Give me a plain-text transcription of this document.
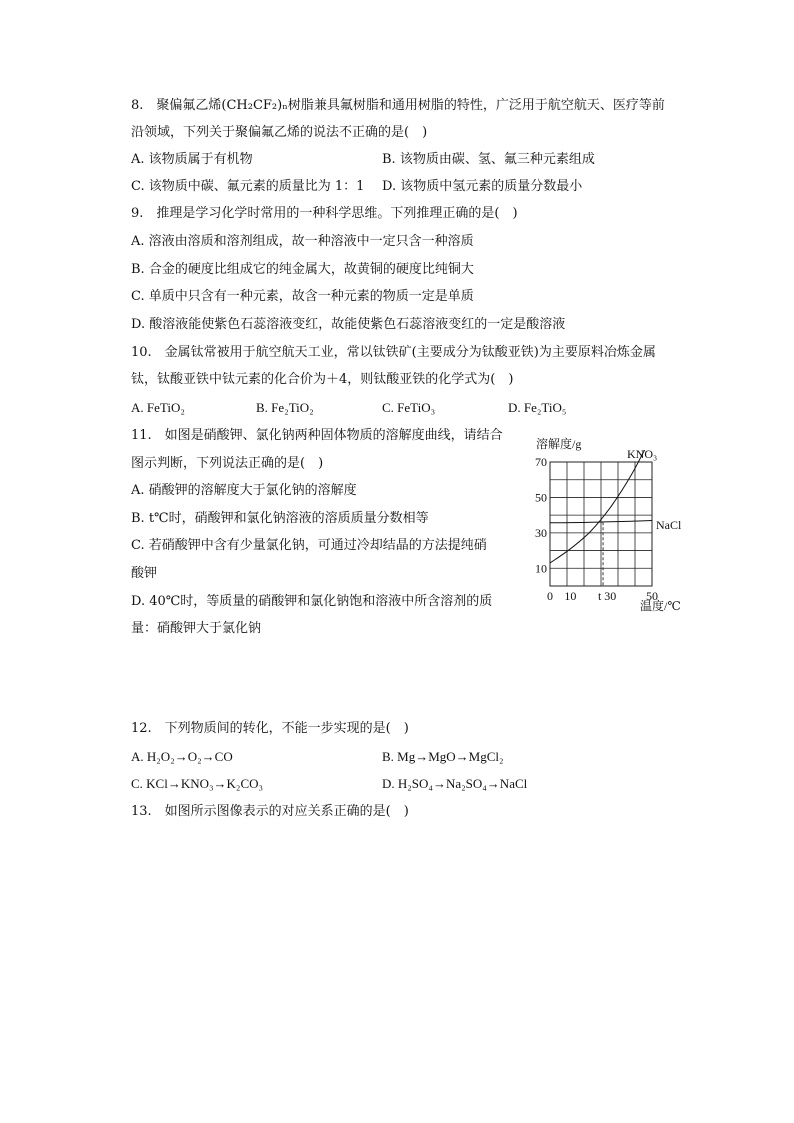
8.　聚偏氟乙烯(CH₂CF₂)ₙ树脂兼具氟树脂和通用树脂的特性，广泛用于航空航天、医疗等前
沿领域，下列关于聚偏氟乙烯的说法不正确的是(　)
A. 该物质属于有机物	B. 该物质由碳、氢、氟三种元素组成
C. 该物质中碳、氟元素的质量比为 1：1 D. 该物质中氢元素的质量分数最小
9.　推理是学习化学时常用的一种科学思维。下列推理正确的是(　)
A. 溶液由溶质和溶剂组成，故一种溶液中一定只含一种溶质
B. 合金的硬度比组成它的纯金属大，故黄铜的硬度比纯铜大
C. 单质中只含有一种元素，故含一种元素的物质一定是单质
D. 酸溶液能使紫色石蕊溶液变红，故能使紫色石蕊溶液变红的一定是酸溶液
10.　金属钛常被用于航空航天工业，常以钛铁矿(主要成分为钛酸亚铁)为主要原料冶炼金属
钛，钛酸亚铁中钛元素的化合价为＋4，则钛酸亚铁的化学式为(　)
A. FeTiO₂	B. Fe₂TiO₂	C. FeTiO₃	D. Fe₂TiO₅
11.　如图是硝酸钾、氯化钠两种固体物质的溶解度曲线，请结合
图示判断，下列说法正确的是(　)
A. 硝酸钾的溶解度大于氯化钠的溶解度
B. t℃时，硝酸钾和氯化钠溶液的溶质质量分数相等
C. 若硝酸钾中含有少量氯化钠，可通过冷却结晶的方法提纯硝
酸钾
D. 40℃时，等质量的硝酸钾和氯化钠饱和溶液中所含溶剂的质
量：硝酸钾大于氯化钠
70
50
30
10
0 10 t 30 50
溶解度/g
温度/℃
KNO₃
NaCl
12.　下列物质间的转化，不能一步实现的是(　)
A. H₂O₂→O₂→CO	B. Mg→MgO→MgCl₂
C. KCl→KNO₃→K₂CO₃	D. H₂SO₄→Na₂SO₄→NaCl
13.　如图所示图像表示的对应关系正确的是(　)
